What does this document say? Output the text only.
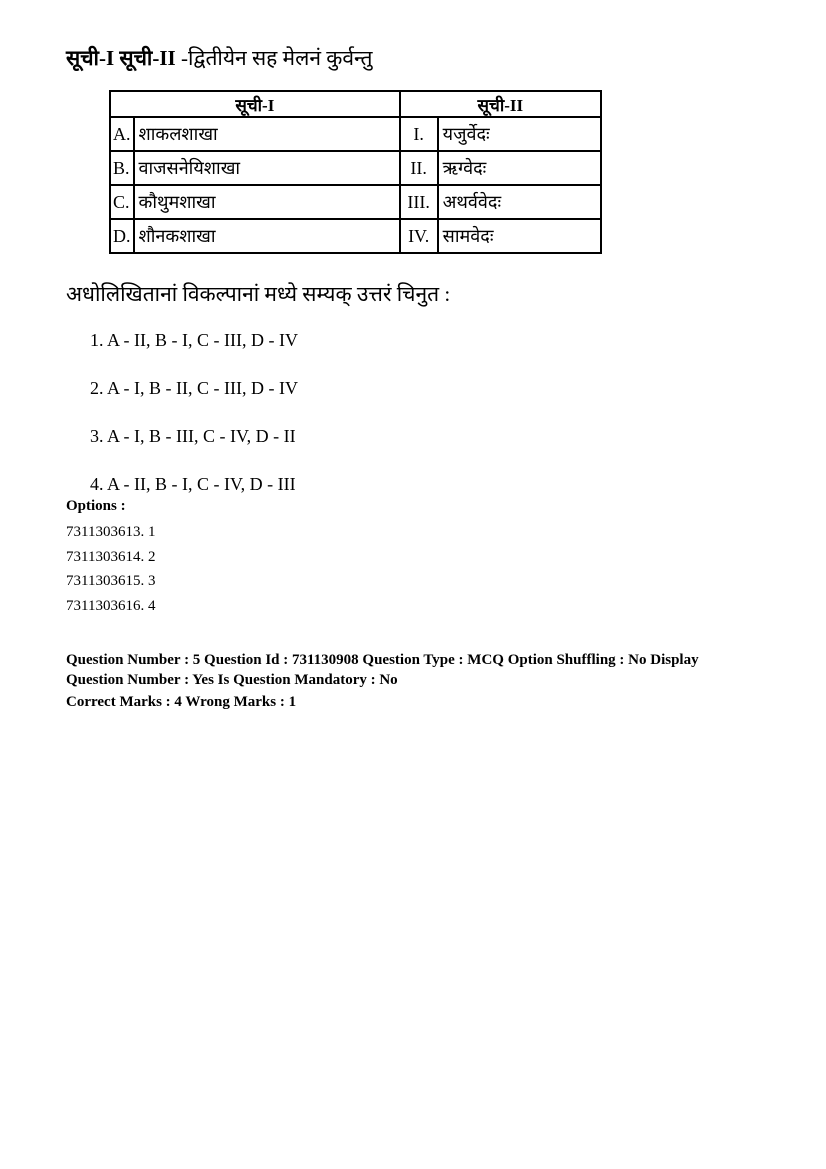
सूची-I सूची-II -द्वितीयेन सह मेलनं कुर्वन्तु
सूची-I		सूची-II	
A.	शाकलशाखा	I.	यजुर्वेदः
B.	वाजसनेयिशाखा	II.	ऋग्वेदः
C.	कौथुमशाखा	III.	अथर्ववेदः
D.	शौनकशाखा	IV.	सामवेदः
अधोलिखितानां विकल्पानां मध्ये सम्यक् उत्तरं चिनुत :
1. A - II, B - I, C - III, D - IV
2. A - I, B - II, C - III, D - IV
3. A - I, B - III, C - IV, D - II
4. A - II, B - I, C - IV, D - III
Options :
7311303613. 1
7311303614. 2
7311303615. 3
7311303616. 4
Question Number : 5 Question Id : 731130908 Question Type : MCQ Option Shuffling : No Display
Question Number : Yes Is Question Mandatory : No
Correct Marks : 4 Wrong Marks : 1
